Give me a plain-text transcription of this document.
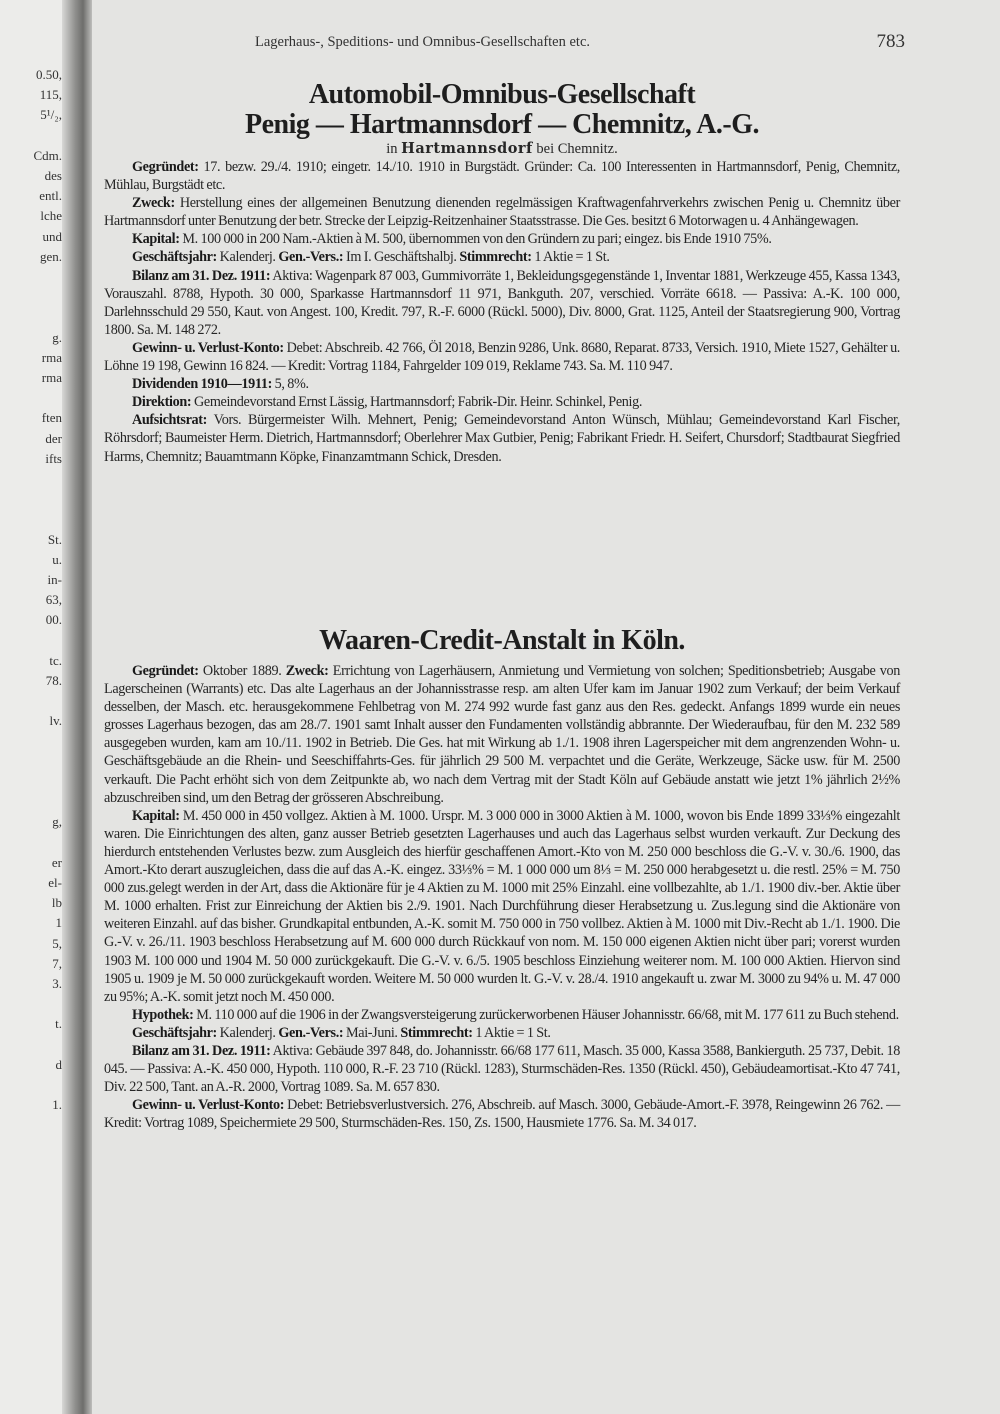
0.50,
115,
5¹/₂,
Cdm.
des
entl.
lche
und
gen.
g.
rma
rma
ften
der
ifts
St.
u.
in-
63,
00.
tc.
78.
lv.
g,
er
el-
lb
1
5,
7,
3.
t.
d
1.
Lagerhaus-, Speditions- und Omnibus-Gesellschaften etc.	783
Automobil-Omnibus-Gesellschaft
Penig — Hartmannsdorf — Chemnitz, A.-G.
in Hartmannsdorf bei Chemnitz.

Gegründet: 17. bezw. 29./4. 1910; eingetr. 14./10. 1910 in Burgstädt. Gründer: Ca. 100 Interessenten in Hartmannsdorf, Penig, Chemnitz, Mühlau, Burgstädt etc.

Zweck: Herstellung eines der allgemeinen Benutzung dienenden regelmässigen Kraftwagenfahrverkehrs zwischen Penig u. Chemnitz über Hartmannsdorf unter Benutzung der betr. Strecke der Leipzig-Reitzenhainer Staatsstrasse. Die Ges. besitzt 6 Motorwagen u. 4 Anhängewagen.

Kapital: M. 100 000 in 200 Nam.-Aktien à M. 500, übernommen von den Gründern zu pari; eingez. bis Ende 1910 75%.

Geschäftsjahr: Kalenderj. Gen.-Vers.: Im I. Geschäftshalbj. Stimmrecht: 1 Aktie = 1 St.

Bilanz am 31. Dez. 1911: Aktiva: Wagenpark 87 003, Gummivorräte 1, Bekleidungsgegenstände 1, Inventar 1881, Werkzeuge 455, Kassa 1343, Vorauszahl. 8788, Hypoth. 30 000, Sparkasse Hartmannsdorf 11 971, Bankguth. 207, verschied. Vorräte 6618. — Passiva: A.-K. 100 000, Darlehnsschuld 29 550, Kaut. von Angest. 100, Kredit. 797, R.-F. 6000 (Rückl. 5000), Div. 8000, Grat. 1125, Anteil der Staatsregierung 900, Vortrag 1800. Sa. M. 148 272.

Gewinn- u. Verlust-Konto: Debet: Abschreib. 42 766, Öl 2018, Benzin 9286, Unk. 8680, Reparat. 8733, Versich. 1910, Miete 1527, Gehälter u. Löhne 19 198, Gewinn 16 824. — Kredit: Vortrag 1184, Fahrgelder 109 019, Reklame 743. Sa. M. 110 947.

Dividenden 1910—1911: 5, 8%.

Direktion: Gemeindevorstand Ernst Lässig, Hartmannsdorf; Fabrik-Dir. Heinr. Schinkel, Penig.

Aufsichtsrat: Vors. Bürgermeister Wilh. Mehnert, Penig; Gemeindevorstand Anton Wünsch, Mühlau; Gemeindevorstand Karl Fischer, Röhrsdorf; Baumeister Herm. Dietrich, Hartmannsdorf; Oberlehrer Max Gutbier, Penig; Fabrikant Friedr. H. Seifert, Chursdorf; Stadtbaurat Siegfried Harms, Chemnitz; Bauamtmann Köpke, Finanzamtmann Schick, Dresden.

Waaren-Credit-Anstalt in Köln.

Gegründet: Oktober 1889. Zweck: Errichtung von Lagerhäusern, Anmietung und Vermietung von solchen; Speditionsbetrieb; Ausgabe von Lagerscheinen (Warrants) etc. Das alte Lagerhaus an der Johannisstrasse resp. am alten Ufer kam im Januar 1902 zum Verkauf; der beim Verkauf desselben, der Masch. etc. herausgekommene Fehlbetrag von M. 274 992 wurde fast ganz aus den Res. gedeckt. Anfangs 1899 wurde ein neues grosses Lagerhaus bezogen, das am 28./7. 1901 samt Inhalt ausser den Fundamenten vollständig abbrannte. Der Wiederaufbau, für den M. 232 589 ausgegeben wurden, kam am 10./11. 1902 in Betrieb. Die Ges. hat mit Wirkung ab 1./1. 1908 ihren Lagerspeicher mit dem angrenzenden Wohn- u. Geschäftsgebäude an die Rhein- und Seeschiffahrts-Ges. für jährlich 29 500 M. verpachtet und die Geräte, Werkzeuge, Säcke usw. für M. 2500 verkauft. Die Pacht erhöht sich von dem Zeitpunkte ab, wo nach dem Vertrag mit der Stadt Köln auf Gebäude anstatt wie jetzt 1% jährlich 2½% abzuschreiben sind, um den Betrag der grösseren Abschreibung.

Kapital: M. 450 000 in 450 vollgez. Aktien à M. 1000. Urspr. M. 3 000 000 in 3000 Aktien à M. 1000, wovon bis Ende 1899 33⅓% eingezahlt waren. Die Einrichtungen des alten, ganz ausser Betrieb gesetzten Lagerhauses und auch das Lagerhaus selbst wurden verkauft. Zur Deckung des hierdurch entstehenden Verlustes bezw. zum Ausgleich des hierfür geschaffenen Amort.-Kto von M. 250 000 beschloss die G.-V. v. 30./6. 1900, das Amort.-Kto derart auszugleichen, dass die auf das A.-K. eingez. 33⅓% = M. 1 000 000 um 8⅓ = M. 250 000 herabgesetzt u. die restl. 25% = M. 750 000 zus.gelegt werden in der Art, dass die Aktionäre für je 4 Aktien zu M. 1000 mit 25% Einzahl. eine vollbezahlte, ab 1./1. 1900 div.-ber. Aktie über M. 1000 erhalten. Frist zur Einreichung der Aktien bis 2./9. 1901. Nach Durchführung dieser Herabsetzung u. Zus.legung sind die Aktionäre von weiteren Einzahl. auf das bisher. Grundkapital entbunden, A.-K. somit M. 750 000 in 750 vollbez. Aktien à M. 1000 mit Div.-Recht ab 1./1. 1900. Die G.-V. v. 26./11. 1903 beschloss Herabsetzung auf M. 600 000 durch Rückkauf von nom. M. 150 000 eigenen Aktien nicht über pari; vorerst wurden 1903 M. 100 000 und 1904 M. 50 000 zurückgekauft. Die G.-V. v. 6./5. 1905 beschloss Einziehung weiterer nom. M. 100 000 Aktien. Hiervon sind 1905 u. 1909 je M. 50 000 zurückgekauft worden. Weitere M. 50 000 wurden lt. G.-V. v. 28./4. 1910 angekauft u. zwar M. 3000 zu 94% u. M. 47 000 zu 95%; A.-K. somit jetzt noch M. 450 000.

Hypothek: M. 110 000 auf die 1906 in der Zwangsversteigerung zurückerworbenen Häuser Johannisstr. 66/68, mit M. 177 611 zu Buch stehend.

Geschäftsjahr: Kalenderj. Gen.-Vers.: Mai-Juni. Stimmrecht: 1 Aktie = 1 St.

Bilanz am 31. Dez. 1911: Aktiva: Gebäude 397 848, do. Johannisstr. 66/68 177 611, Masch. 35 000, Kassa 3588, Bankierguth. 25 737, Debit. 18 045. — Passiva: A.-K. 450 000, Hypoth. 110 000, R.-F. 23 710 (Rückl. 1283), Sturmschäden-Res. 1350 (Rückl. 450), Gebäudeamortisat.-Kto 47 741, Div. 22 500, Tant. an A.-R. 2000, Vortrag 1089. Sa. M. 657 830.

Gewinn- u. Verlust-Konto: Debet: Betriebsverlustversich. 276, Abschreib. auf Masch. 3000, Gebäude-Amort.-F. 3978, Reingewinn 26 762. — Kredit: Vortrag 1089, Speichermiete 29 500, Sturmschäden-Res. 150, Zs. 1500, Hausmiete 1776. Sa. M. 34 017.
